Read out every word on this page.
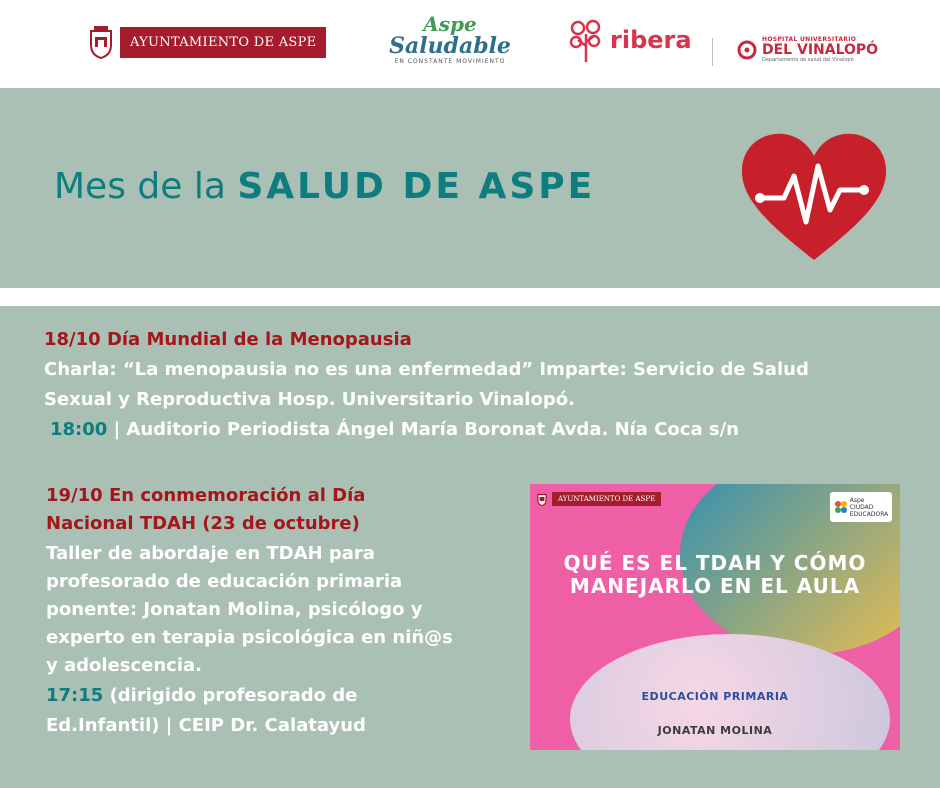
AYUNTAMIENTO DE ASPE
Aspe
Saludable
EN CONSTANTE MOVIMIENTO
ribera	HOSPITAL UNIVERSITARIO
DEL VINALOPÓ
Departamento de salud del Vinalopó
Mes de la SALUD DE ASPE

18/10 Día Mundial de la Menopausia

Charla: “La menopausia no es una enfermedad” Imparte: Servicio de Salud

Sexual y Reproductiva Hosp. Universitario Vinalopó.

18:00 | Auditorio Periodista Ángel María Boronat Avda. Nía Coca s/n

19/10 En conmemoración al Día

Nacional TDAH (23 de octubre)

Taller de abordaje en TDAH para

profesorado de educación primaria

ponente: Jonatan Molina, psicólogo y

experto en terapia psicológica en niñ@s

y adolescencia.

17:15 (dirigido profesorado de

Ed.Infantil) | CEIP Dr. Calatayud

AYUNTAMIENTO DE ASPE	Aspe
CIUDAD
EDUCADORA
QUÉ ES EL TDAH Y CÓMO
MANEJARLO EN EL AULA
EDUCACIÓN PRIMARIA
JONATAN MOLINA
